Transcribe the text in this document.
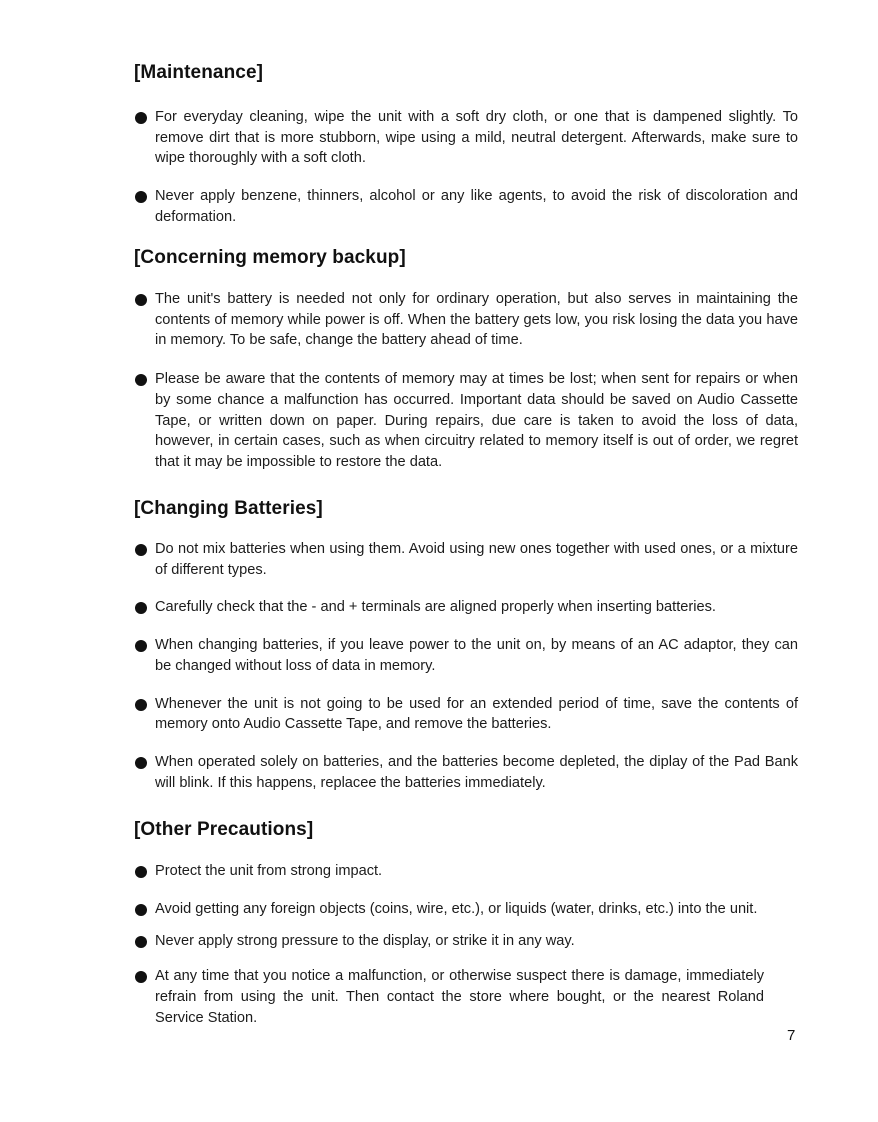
[Maintenance]
For everyday cleaning, wipe the unit with a soft dry cloth, or one that is dampened slightly. To remove dirt that is more stubborn, wipe using a mild, neutral detergent. Afterwards, make sure to wipe thoroughly with a soft cloth.
Never apply benzene, thinners, alcohol or any like agents, to avoid the risk of discoloration and deformation.
[Concerning memory backup]
The unit's battery is needed not only for ordinary operation, but also serves in maintaining the contents of memory while power is off. When the battery gets low, you risk losing the data you have in memory. To be safe, change the battery ahead of time.
Please be aware that the contents of memory may at times be lost; when sent for repairs or when by some chance a malfunction has occurred. Important data should be saved on Audio Cassette Tape, or written down on paper. During repairs, due care is taken to avoid the loss of data, however, in certain cases, such as when circuitry related to memory itself is out of order, we regret that it may be impossible to restore the data.
[Changing Batteries]
Do not mix batteries when using them. Avoid using new ones together with used ones, or a mixture of different types.
Carefully check that the - and + terminals are aligned properly when inserting batteries.
When changing batteries, if you leave power to the unit on, by means of an AC adaptor, they can be changed without loss of data in memory.
Whenever the unit is not going to be used for an extended period of time, save the contents of memory onto Audio Cassette Tape, and remove the batteries.
When operated solely on batteries, and the batteries become depleted, the diplay of the Pad Bank will blink. If this happens, replacee the batteries immediately.
[Other Precautions]
Protect the unit from strong impact.
Avoid getting any foreign objects (coins, wire, etc.), or liquids (water, drinks, etc.) into the unit.
Never apply strong pressure to the display, or strike it in any way.
At any time that you notice a malfunction, or otherwise suspect there is damage, immediately refrain from using the unit. Then contact the store where bought, or the nearest Roland Service Station.
7
